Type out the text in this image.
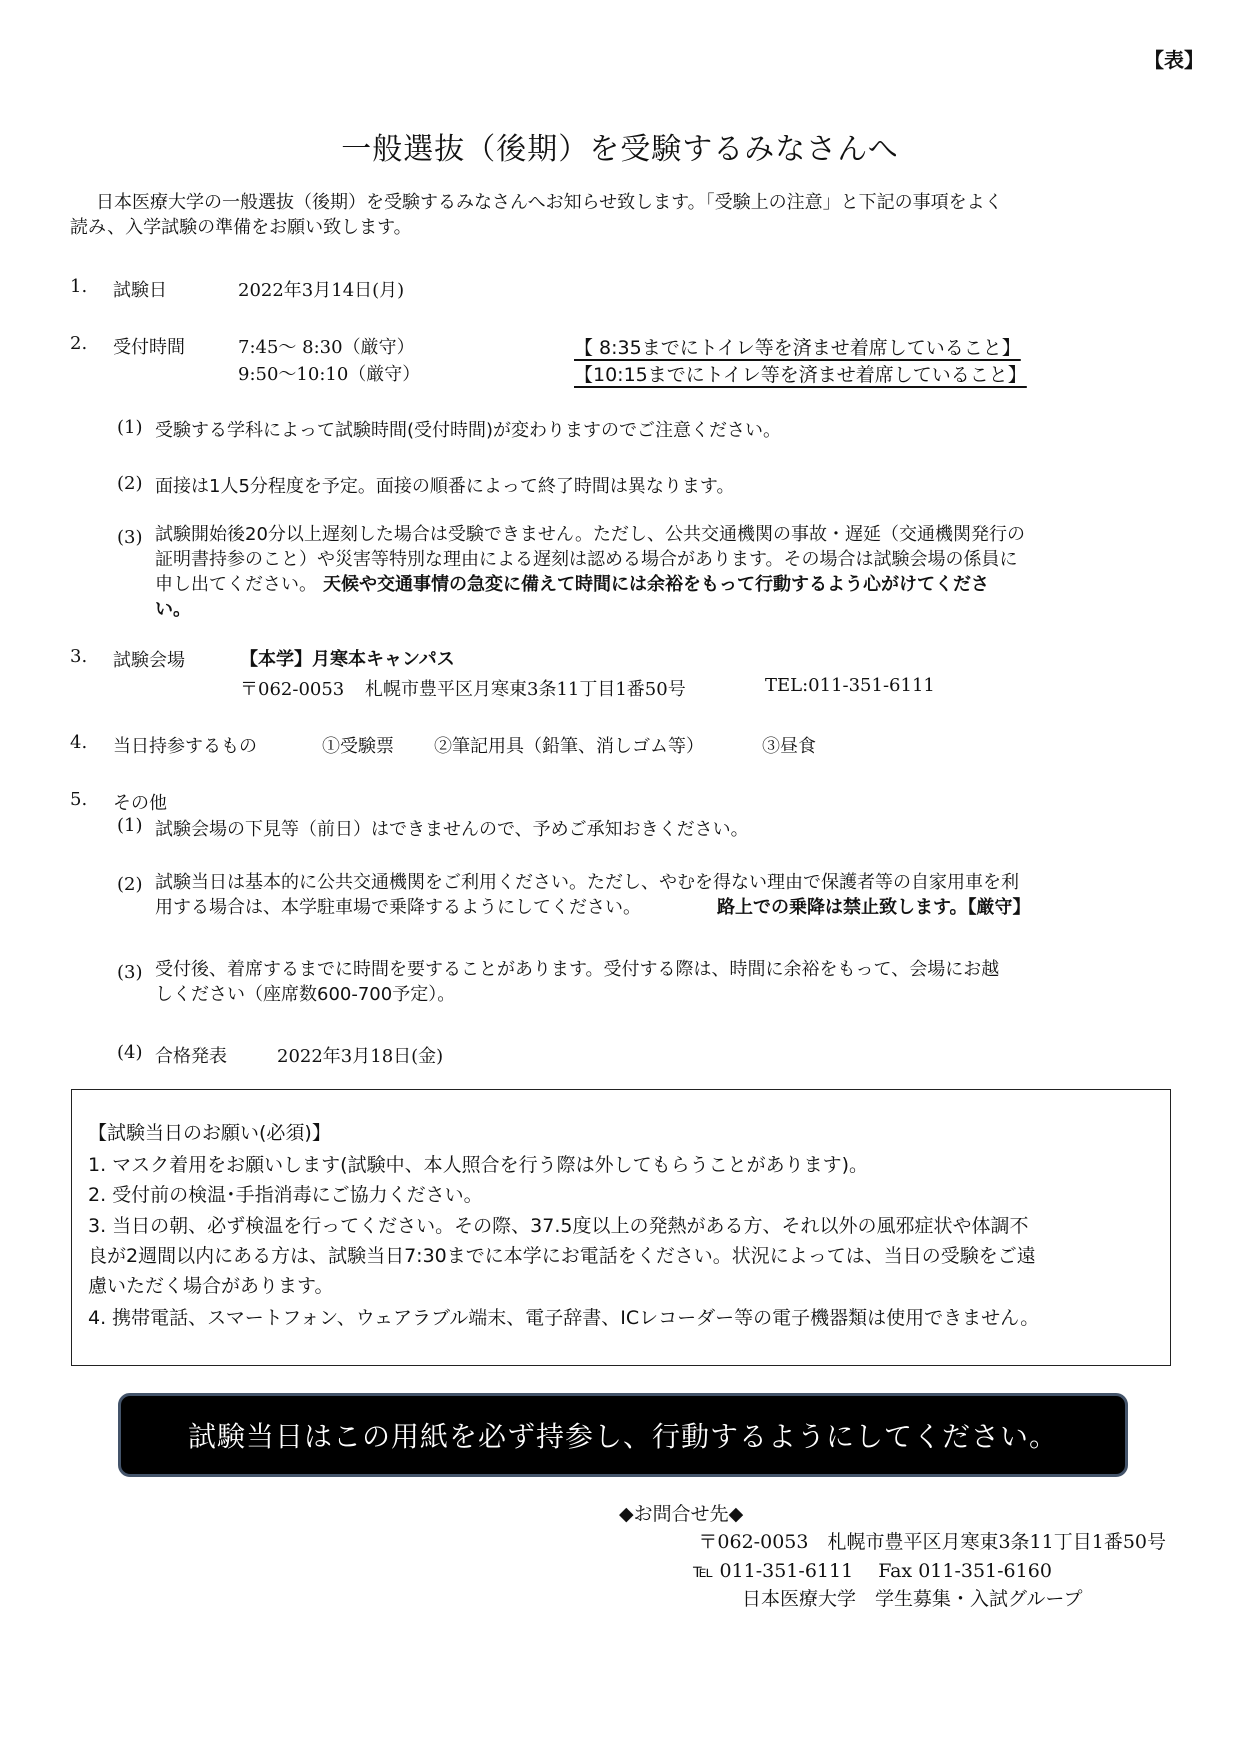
【表】
一般選抜（後期）を受験するみなさんへ
日本医療大学の一般選抜（後期）を受験するみなさんへお知らせ致します。「受験上の注意」と下記の事項をよく
読み、入学試験の準備をお願い致します。
1. 試験日	2022年3月14日(月)
2. 受付時間	7:45～ 8:30（厳守）	【 8:35までにトイレ等を済ませ着席していること】
9:50～10:10（厳守）	【10:15までにトイレ等を済ませ着席していること】
(1) 受験する学科によって試験時間(受付時間)が変わりますのでご注意ください。
(2) 面接は1人5分程度を予定。面接の順番によって終了時間は異なります。
(3) 試験開始後20分以上遅刻した場合は受験できません。ただし、公共交通機関の事故・遅延（交通機関発行の
証明書持参のこと）や災害等特別な理由による遅刻は認める場合があります。その場合は試験会場の係員に
申し出てください。 天候や交通事情の急変に備えて時間には余裕をもって行動するよう心がけてくださ
い。
3. 試験会場	【本学】月寒本キャンパス
〒062-0053 札幌市豊平区月寒東3条11丁目1番50号	TEL:011-351-6111
4. 当日持参するもの	①受験票 ②筆記用具（鉛筆、消しゴム等）	③昼食
5. その他
(1) 試験会場の下見等（前日）はできませんので、予めご承知おきください。
(2) 試験当日は基本的に公共交通機関をご利用ください。ただし、やむを得ない理由で保護者等の自家用車を利
用する場合は、本学駐車場で乗降するようにしてください。	路上での乗降は禁止致します。【厳守】
(3) 受付後、着席するまでに時間を要することがあります。受付する際は、時間に余裕をもって、会場にお越
しください（座席数600-700予定）。
(4) 合格発表	2022年3月18日(金)
【試験当日のお願い(必須)】
1. マスク着用をお願いします(試験中、本人照合を行う際は外してもらうことがあります)。
2. 受付前の検温･手指消毒にご協力ください。
3. 当日の朝、必ず検温を行ってください。その際、37.5度以上の発熱がある方、それ以外の風邪症状や体調不
良が2週間以内にある方は、試験当日7:30までに本学にお電話をください。状況によっては、当日の受験をご遠
慮いただく場合があります。
4. 携帯電話、スマートフォン、ウェアラブル端末、電子辞書、ICレコーダー等の電子機器類は使用できません。
試験当日はこの用紙を必ず持参し、行動するようにしてください。
◆お問合せ先◆
〒062-0053　札幌市豊平区月寒東3条11丁目1番50号
℡ 011-351-6111　 Fax 011-351-6160
日本医療大学　学生募集・入試グループ
